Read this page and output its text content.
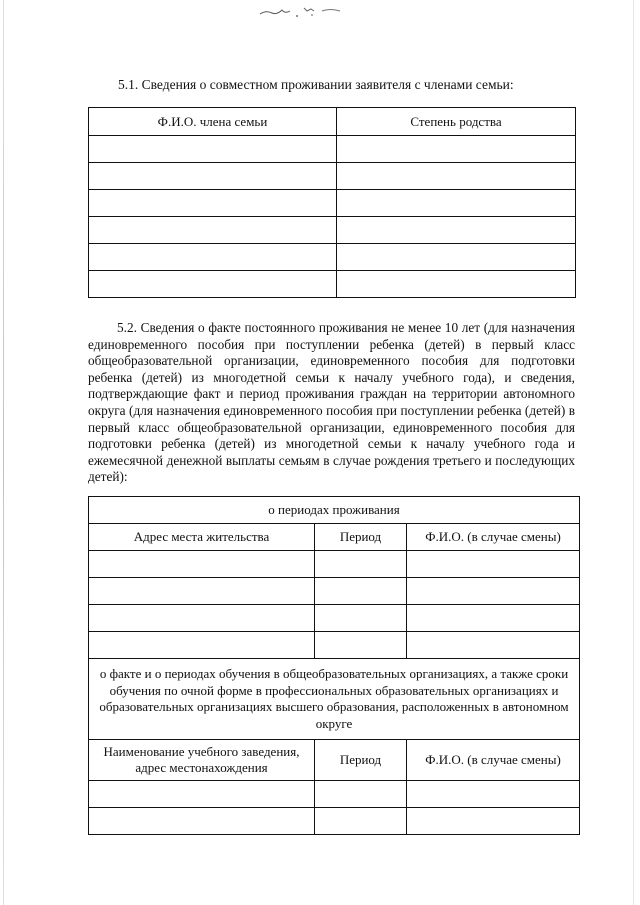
5.1. Сведения о совместном проживании заявителя с членами семьи:
Ф.И.О. члена семьи	Степень родства

5.2. Сведения о факте постоянного проживания не менее 10 лет (для назначения единовременного пособия при поступлении ребенка (детей) в первый класс общеобразовательной организации, единовременного пособия для подготовки ребенка (детей) из многодетной семьи к началу учебного года), и сведения, подтверждающие факт и период проживания граждан на территории автономного округа (для назначения единовременного пособия при поступлении ребенка (детей) в первый класс общеобразовательной организации, единовременного пособия для подготовки ребенка (детей) из многодетной семьи к началу учебного года и ежемесячной денежной выплаты семьям в случае рождения третьего и последующих детей):

о периодах проживания		
Адрес места жительства	Период	Ф.И.О. (в случае смены)

о факте и о периодах обучения в общеобразовательных организациях, а также сроки обучения по очной форме в профессиональных образовательных организациях и образовательных организациях высшего образования, расположенных в автономном округе		
Наименование учебного заведения, адрес местонахождения	Период	Ф.И.О. (в случае смены)
